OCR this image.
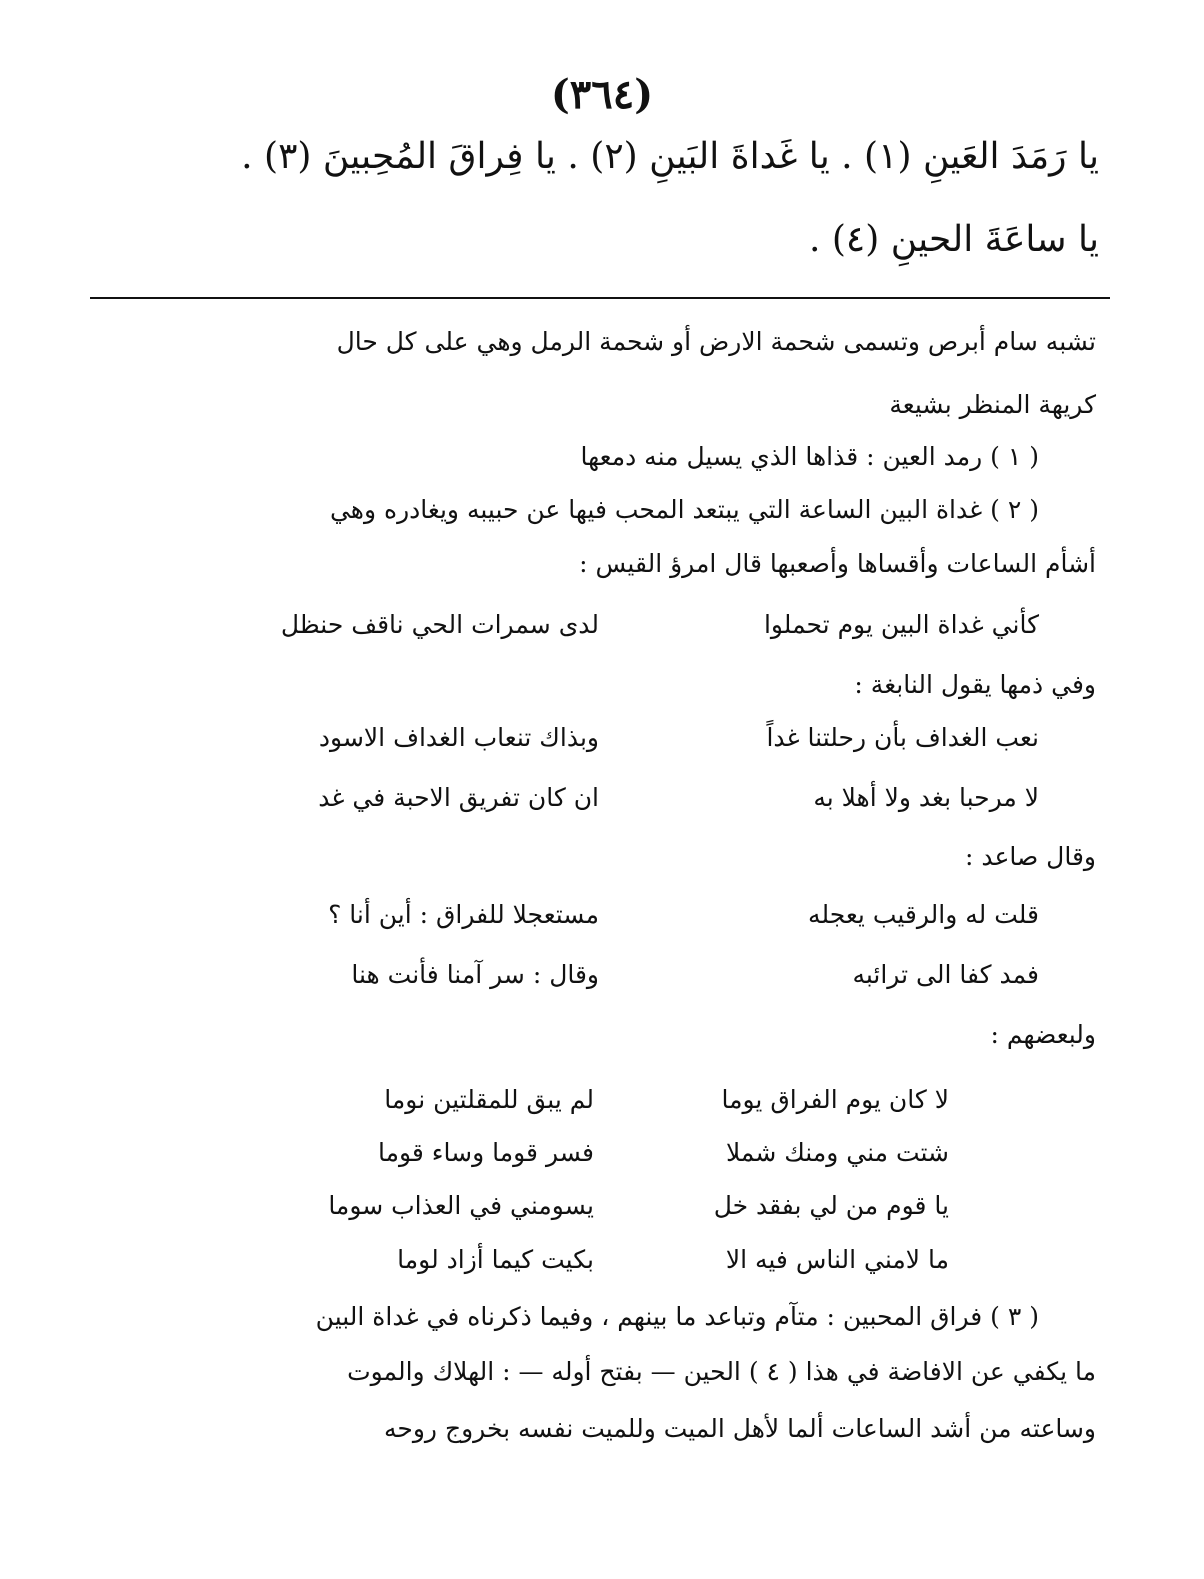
(٣٦٤)
يا رَمَدَ العَينِ (١) . يا غَداةَ البَينِ (٢) . يا فِراقَ المُحِبينَ (٣) .
يا ساعَةَ الحينِ (٤) .
تشبه سام أبرص وتسمى شحمة الارض أو شحمة الرمل وهي على كل حال
كريهة المنظر بشيعة
( ١ ) رمد العين : قذاها الذي يسيل منه دمعها
( ٢ ) غداة البين الساعة التي يبتعد المحب فيها عن حبيبه ويغادره وهي
أشأم الساعات وأقساها وأصعبها قال امرؤ القيس :
كأني غداة البين يوم تحملوا
لدى سمرات الحي ناقف حنظل
وفي ذمها يقول النابغة :
نعب الغداف بأن رحلتنا غداً
وبذاك تنعاب الغداف الاسود
لا مرحبا بغد ولا أهلا به
ان كان تفريق الاحبة في غد
وقال صاعد :
قلت له والرقيب يعجله
مستعجلا للفراق : أين أنا ؟
فمد كفا الى ترائبه
وقال : سر آمنا فأنت هنا
ولبعضهم :
لا كان يوم الفراق يوما
لم يبق للمقلتين نوما
شتت مني ومنك شملا
فسر قوما وساء قوما
يا قوم من لي بفقد خل
يسومني في العذاب سوما
ما لامني الناس فيه الا
بكيت كيما أزاد لوما
( ٣ ) فراق المحبين : متآم وتباعد ما بينهم ، وفيما ذكرناه في غداة البين
ما يكفي عن الافاضة في هذا ( ٤ ) الحين — بفتح أوله — : الهلاك والموت
وساعته من أشد الساعات ألما لأهل الميت وللميت نفسه بخروج روحه
